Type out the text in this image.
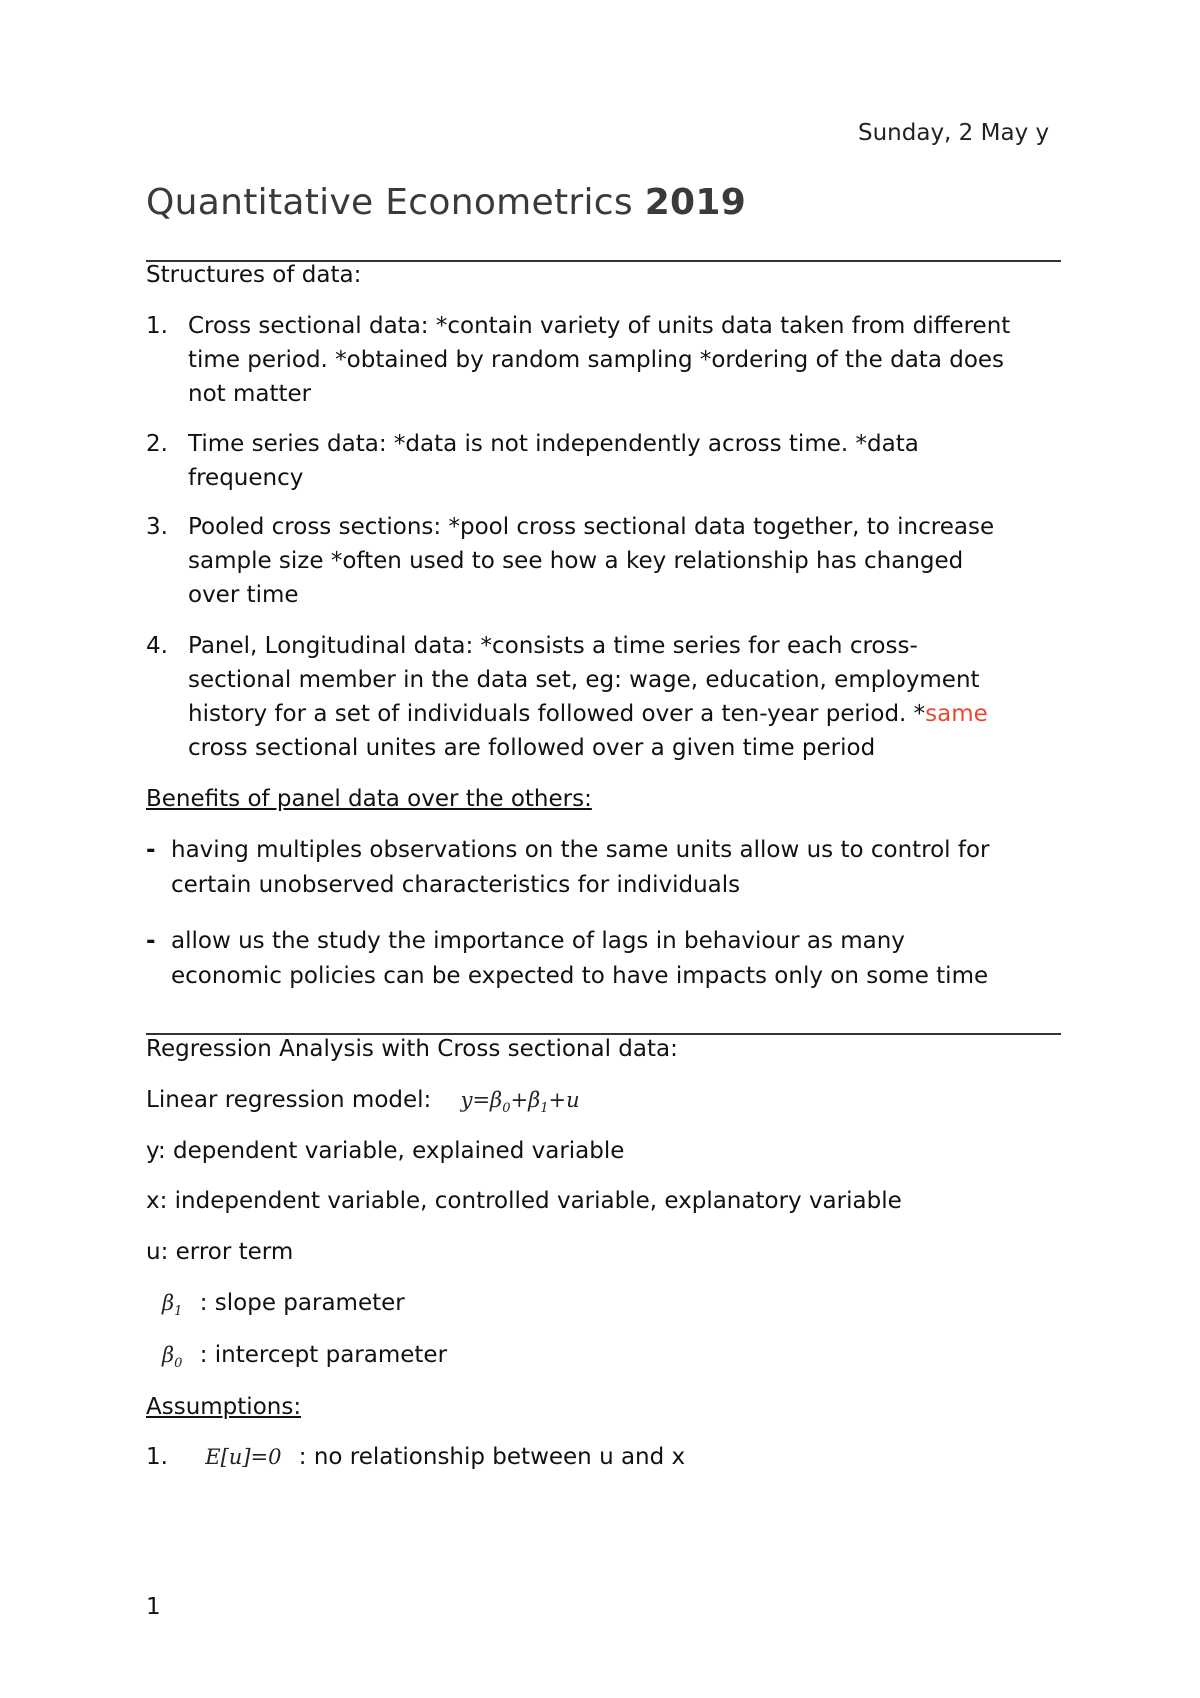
Sunday, 2 May y
Quantitative Econometrics 2019
Structures of data:
1. Cross sectional data: *contain variety of units data taken from different
time period. *obtained by random sampling *ordering of the data does
not matter
2. Time series data: *data is not independently across time. *data
frequency
3. Pooled cross sections: *pool cross sectional data together, to increase
sample size *often used to see how a key relationship has changed
over time
4. Panel, Longitudinal data: *consists a time series for each cross-
sectional member in the data set, eg: wage, education, employment
history for a set of individuals followed over a ten-year period. *same
cross sectional unites are followed over a given time period
Benefits of panel data over the others:
- having multiples observations on the same units allow us to control for
certain unobserved characteristics for individuals
- allow us the study the importance of lags in behaviour as many
economic policies can be expected to have impacts only on some time
Regression Analysis with Cross sectional data:
Linear regression model: $y=\beta_0+\beta_1+u$
y: dependent variable, explained variable
x: independent variable, controlled variable, explanatory variable
u: error term
$\beta_1$ : slope parameter
$\beta_0$ : intercept parameter
Assumptions:
1. E[u]=0 : no relationship between u and x
1
